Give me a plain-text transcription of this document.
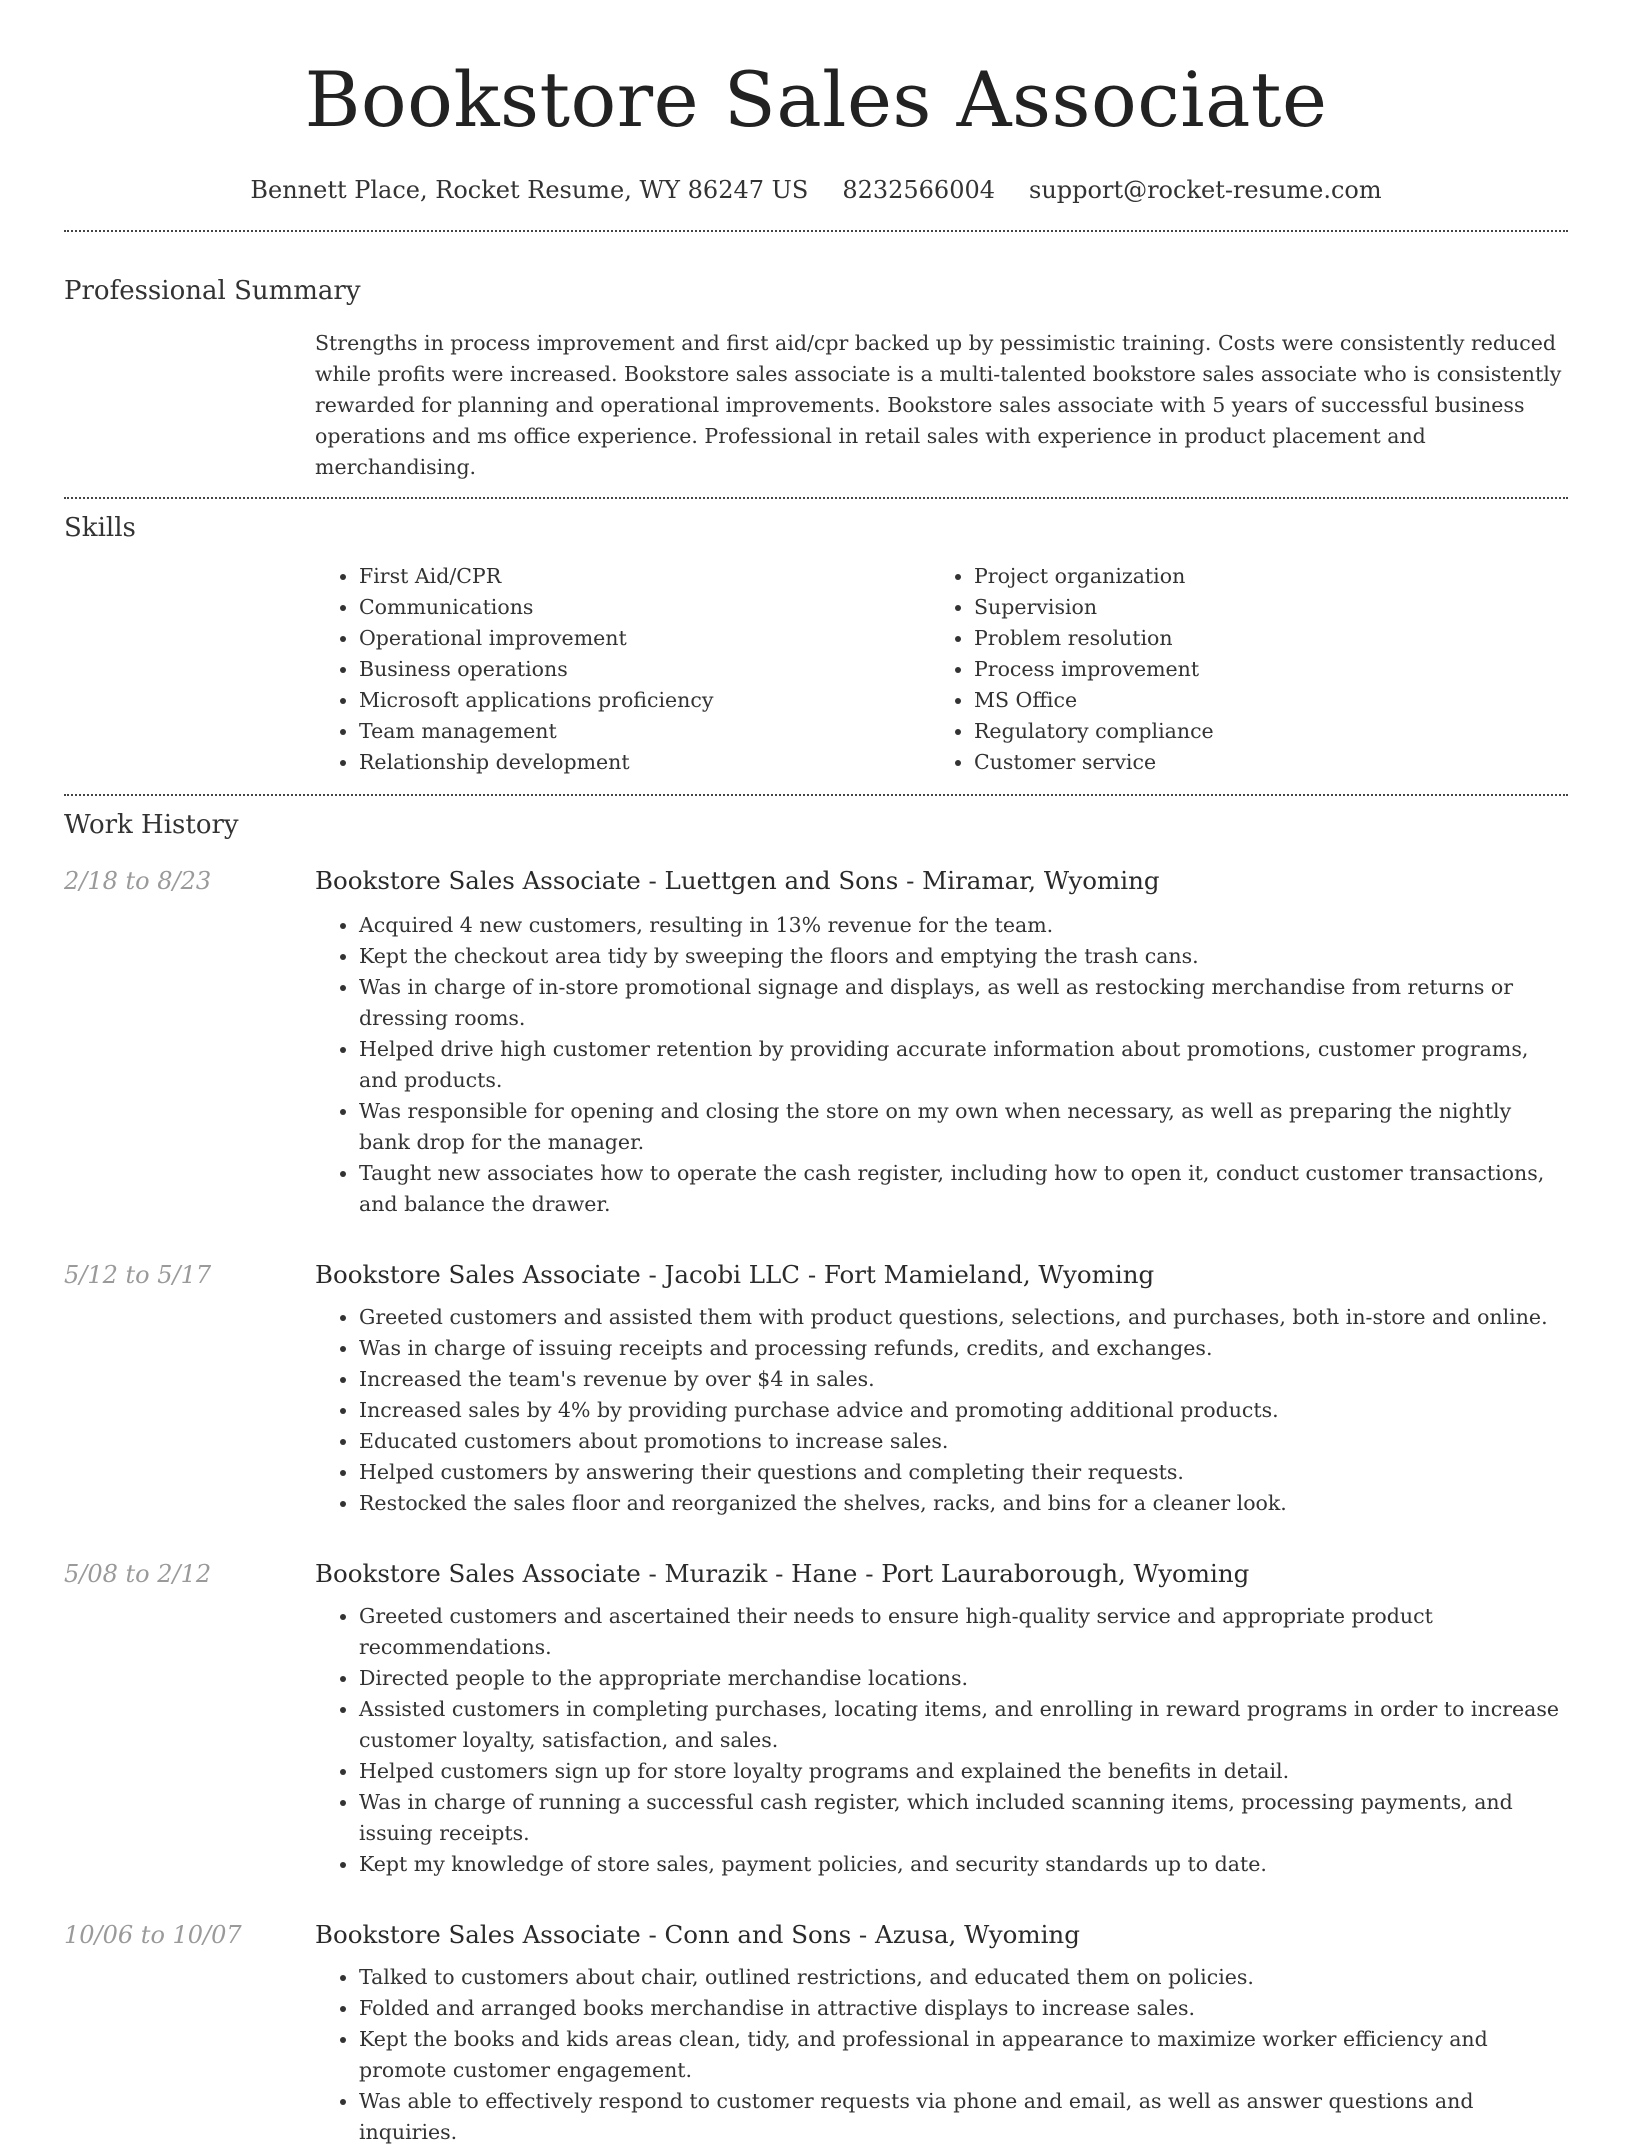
Bookstore Sales Associate
Bennett Place, Rocket Resume, WY 86247 US 8232566004 support@rocket-resume.com
Professional Summary
Strengths in process improvement and first aid/cpr backed up by pessimistic training. Costs were consistently reduced while profits were increased. Bookstore sales associate is a multi-talented bookstore sales associate who is consistently rewarded for planning and operational improvements. Bookstore sales associate with 5 years of successful business operations and ms office experience. Professional in retail sales with experience in product placement and merchandising.
Skills
• First Aid/CPR
• Communications
• Operational improvement
• Business operations
• Microsoft applications proficiency
• Team management
• Relationship development
• Project organization
• Supervision
• Problem resolution
• Process improvement
• MS Office
• Regulatory compliance
• Customer service
Work History
2/18 to 8/23	Bookstore Sales Associate - Luettgen and Sons - Miramar, Wyoming
• Acquired 4 new customers, resulting in 13% revenue for the team.
• Kept the checkout area tidy by sweeping the floors and emptying the trash cans.
• Was in charge of in-store promotional signage and displays, as well as restocking merchandise from returns or dressing rooms.
• Helped drive high customer retention by providing accurate information about promotions, customer programs, and products.
• Was responsible for opening and closing the store on my own when necessary, as well as preparing the nightly bank drop for the manager.
• Taught new associates how to operate the cash register, including how to open it, conduct customer transactions, and balance the drawer.
5/12 to 5/17	Bookstore Sales Associate - Jacobi LLC - Fort Mamieland, Wyoming
• Greeted customers and assisted them with product questions, selections, and purchases, both in-store and online.
• Was in charge of issuing receipts and processing refunds, credits, and exchanges.
• Increased the team's revenue by over $4 in sales.
• Increased sales by 4% by providing purchase advice and promoting additional products.
• Educated customers about promotions to increase sales.
• Helped customers by answering their questions and completing their requests.
• Restocked the sales floor and reorganized the shelves, racks, and bins for a cleaner look.
5/08 to 2/12	Bookstore Sales Associate - Murazik - Hane - Port Lauraborough, Wyoming
• Greeted customers and ascertained their needs to ensure high-quality service and appropriate product recommendations.
• Directed people to the appropriate merchandise locations.
• Assisted customers in completing purchases, locating items, and enrolling in reward programs in order to increase customer loyalty, satisfaction, and sales.
• Helped customers sign up for store loyalty programs and explained the benefits in detail.
• Was in charge of running a successful cash register, which included scanning items, processing payments, and issuing receipts.
• Kept my knowledge of store sales, payment policies, and security standards up to date.
10/06 to 10/07	Bookstore Sales Associate - Conn and Sons - Azusa, Wyoming
• Talked to customers about chair, outlined restrictions, and educated them on policies.
• Folded and arranged books merchandise in attractive displays to increase sales.
• Kept the books and kids areas clean, tidy, and professional in appearance to maximize worker efficiency and promote customer engagement.
• Was able to effectively respond to customer requests via phone and email, as well as answer questions and inquiries.
